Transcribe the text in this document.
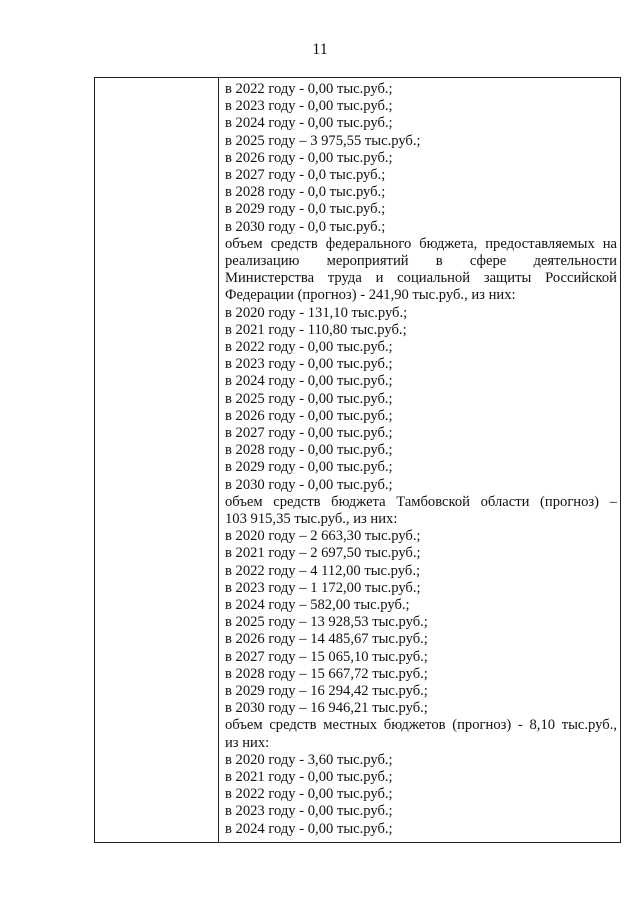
11
в 2022 году - 0,00 тыс.руб.;
в 2023 году - 0,00 тыс.руб.;
в 2024 году - 0,00 тыс.руб.;
в 2025 году – 3 975,55 тыс.руб.;
в 2026 году - 0,00 тыс.руб.;
в 2027 году - 0,0 тыс.руб.;
в 2028 году - 0,0 тыс.руб.;
в 2029 году - 0,0 тыс.руб.;
в 2030 году - 0,0 тыс.руб.;
объем средств федерального бюджета, предоставляемых на
реализацию мероприятий в сфере деятельности
Министерства труда и социальной защиты Российской
Федерации (прогноз) - 241,90 тыс.руб., из них:
в 2020 году - 131,10 тыс.руб.;
в 2021 году - 110,80 тыс.руб.;
в 2022 году - 0,00 тыс.руб.;
в 2023 году - 0,00 тыс.руб.;
в 2024 году - 0,00 тыс.руб.;
в 2025 году - 0,00 тыс.руб.;
в 2026 году - 0,00 тыс.руб.;
в 2027 году - 0,00 тыс.руб.;
в 2028 году - 0,00 тыс.руб.;
в 2029 году - 0,00 тыс.руб.;
в 2030 году - 0,00 тыс.руб.;
объем средств бюджета Тамбовской области (прогноз) –
103 915,35 тыс.руб., из них:
в 2020 году – 2 663,30 тыс.руб.;
в 2021 году – 2 697,50 тыс.руб.;
в 2022 году – 4 112,00 тыс.руб.;
в 2023 году – 1 172,00 тыс.руб.;
в 2024 году – 582,00 тыс.руб.;
в 2025 году – 13 928,53 тыс.руб.;
в 2026 году – 14 485,67 тыс.руб.;
в 2027 году – 15 065,10 тыс.руб.;
в 2028 году – 15 667,72 тыс.руб.;
в 2029 году – 16 294,42 тыс.руб.;
в 2030 году – 16 946,21 тыс.руб.;
объем средств местных бюджетов (прогноз) - 8,10 тыс.руб.,
из них:
в 2020 году - 3,60 тыс.руб.;
в 2021 году - 0,00 тыс.руб.;
в 2022 году - 0,00 тыс.руб.;
в 2023 году - 0,00 тыс.руб.;
в 2024 году - 0,00 тыс.руб.;
